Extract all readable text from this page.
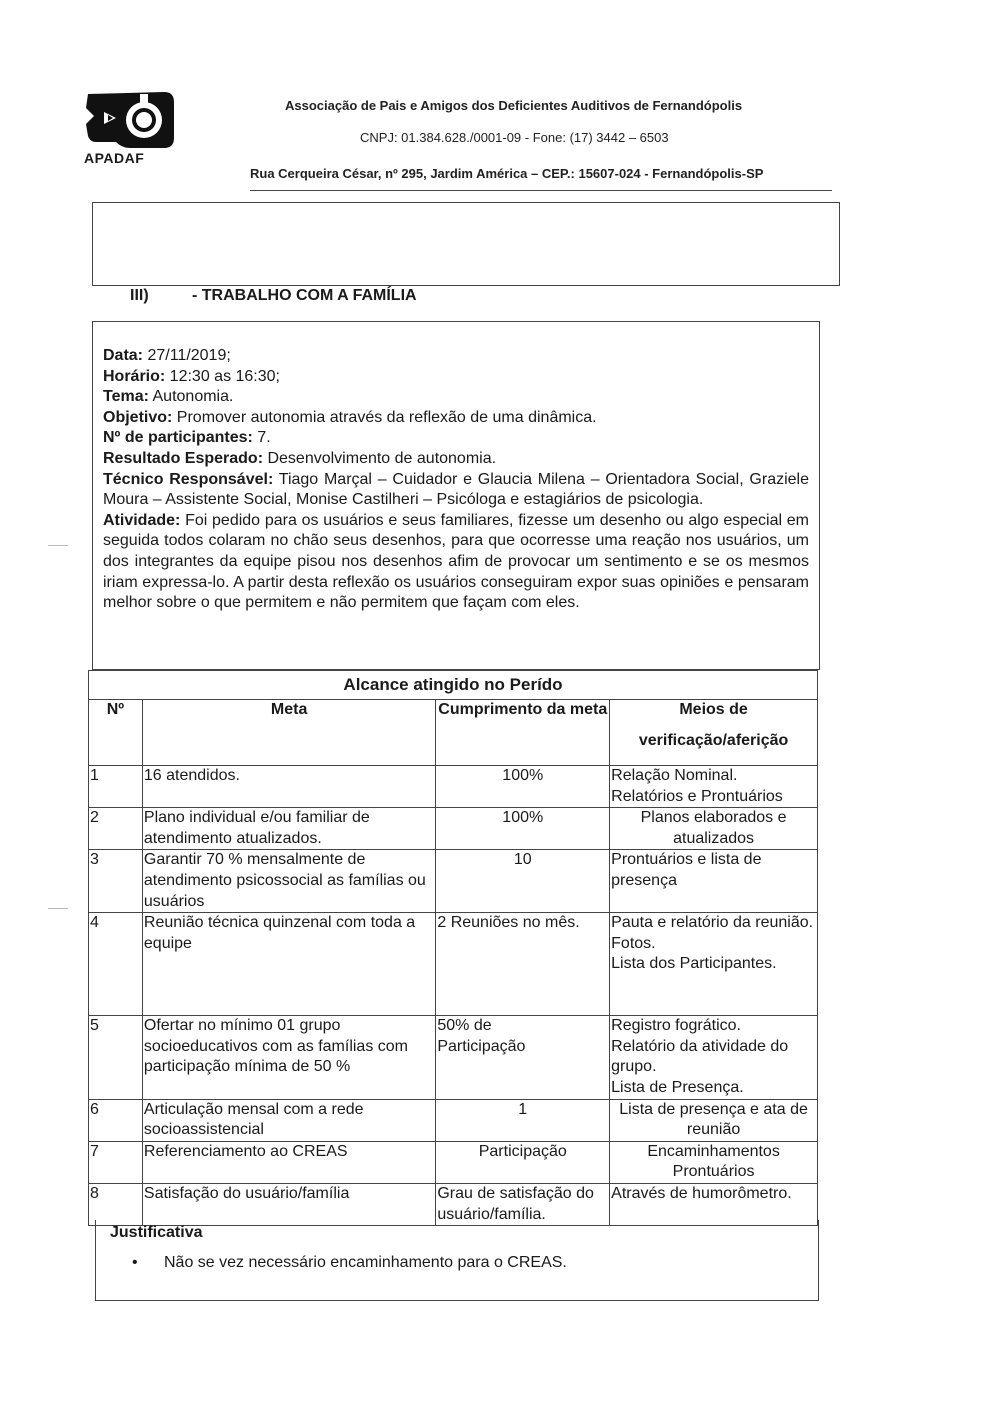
APADAF
Associação de Pais e Amigos dos Deficientes Auditivos de Fernandópolis
CNPJ: 01.384.628./0001-09 - Fone: (17) 3442 – 6503
Rua Cerqueira César, nº 295, Jardim América – CEP.: 15607-024 - Fernandópolis-SP
III)	- TRABALHO COM A FAMÍLIA
Data: 27/11/2019;
Horário: 12:30 as 16:30;
Tema: Autonomia.
Objetivo: Promover autonomia através da reflexão de uma dinâmica.
Nº de participantes: 7.
Resultado Esperado: Desenvolvimento de autonomia.
Técnico Responsável: Tiago Marçal – Cuidador e Glaucia Milena – Orientadora Social, Graziele Moura – Assistente Social, Monise Castilheri – Psicóloga e estagiários de psicologia.
Atividade: Foi pedido para os usuários e seus familiares, fizesse um desenho ou algo especial em seguida todos colaram no chão seus desenhos, para que ocorresse uma reação nos usuários, um dos integrantes da equipe pisou nos desenhos afim de provocar um sentimento e se os mesmos iriam expressa-lo. A partir desta reflexão os usuários conseguiram expor suas opiniões e pensaram melhor sobre o que permitem e não permitem que façam com eles.
Alcance atingido no Perído			
Nº	Meta	Cumprimento da meta	Meios de
verificação/aferição

1	16 atendidos.	100%	Relação Nominal.
Relatórios e Prontuários
2	Plano individual e/ou familiar de atendimento atualizados.	100%	Planos elaborados e atualizados
3	Garantir 70 % mensalmente de atendimento psicossocial as famílias ou usuários	10	Prontuários e lista de presença
4	Reunião técnica quinzenal com toda a equipe	2 Reuniões no mês.	Pauta e relatório da reunião.
Fotos.
Lista dos Participantes.
5	Ofertar no mínimo 01 grupo socioeducativos com as famílias com participação mínima de 50 %	50% de
Participação	Registro fogrático.
Relatório da atividade do grupo.
Lista de Presença.
6	Articulação mensal com a rede socioassistencial	1	Lista de presença e ata de reunião
7	Referenciamento ao CREAS	Participação	Encaminhamentos
Prontuários
8	Satisfação do usuário/família	Grau de satisfação do usuário/família.	Através de humorômetro.
Justificativa
• Não se vez necessário encaminhamento para o CREAS.
